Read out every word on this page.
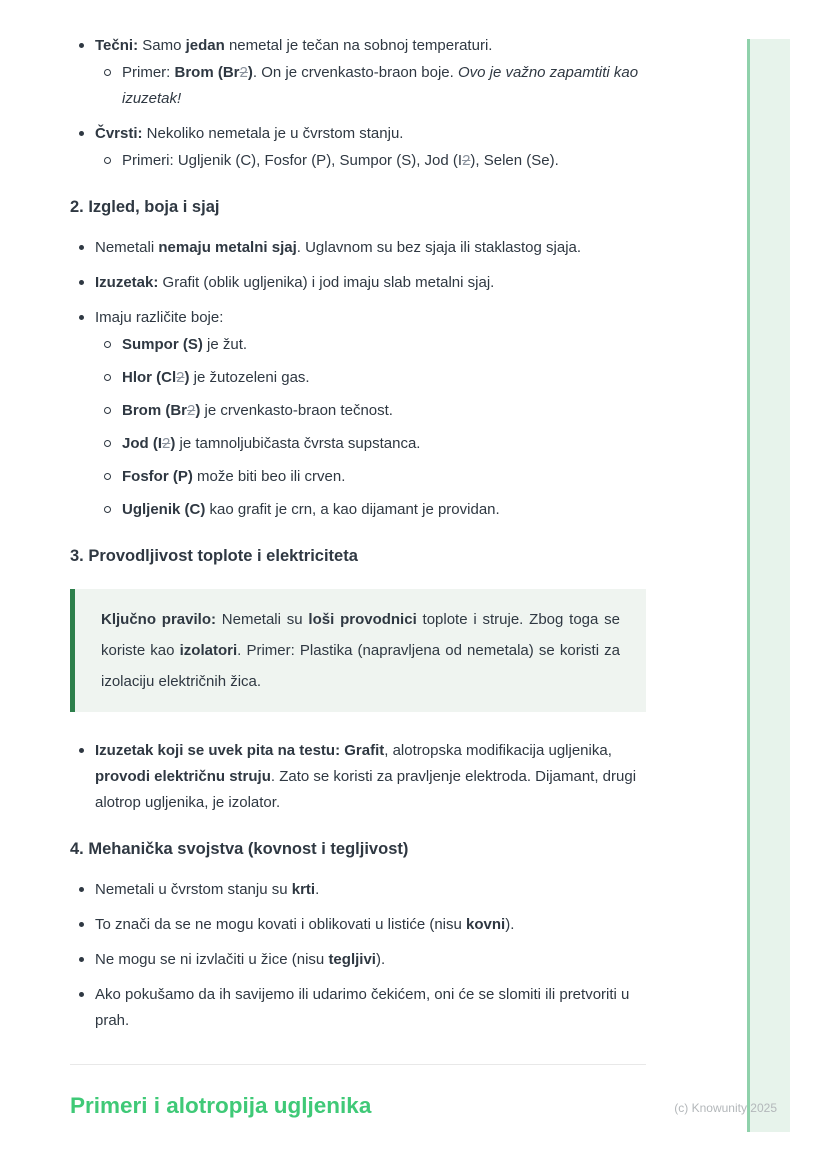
Tečni: Samo jedan nemetal je tečan na sobnoj temperaturi.
Primer: Brom (Br2). On je crvenkasto-braon boje. Ovo je važno zapamtiti kao izuzetak!
Čvrsti: Nekoliko nemetala je u čvrstom stanju.
Primeri: Ugljenik (C), Fosfor (P), Sumpor (S), Jod (I2), Selen (Se).
2. Izgled, boja i sjaj
Nemetali nemaju metalni sjaj. Uglavnom su bez sjaja ili staklastog sjaja.
Izuzetak: Grafit (oblik ugljenika) i jod imaju slab metalni sjaj.
Imaju različite boje:
Sumpor (S) je žut.
Hlor (Cl2) je žutozeleni gas.
Brom (Br2) je crvenkasto-braon tečnost.
Jod (I2) je tamnoljubičasta čvrsta supstanca.
Fosfor (P) može biti beo ili crven.
Ugljenik (C) kao grafit je crn, a kao dijamant je providan.
3. Provodljivost toplote i elektriciteta
Ključno pravilo: Nemetali su loši provodnici toplote i struje. Zbog toga se koriste kao izolatori. Primer: Plastika (napravljena od nemetala) se koristi za izolaciju električnih žica.
Izuzetak koji se uvek pita na testu: Grafit, alotropska modifikacija ugljenika, provodi električnu struju. Zato se koristi za pravljenje elektroda. Dijamant, drugi alotrop ugljenika, je izolator.
4. Mehanička svojstva (kovnost i tegljivost)
Nemetali u čvrstom stanju su krti.
To znači da se ne mogu kovati i oblikovati u listiće (nisu kovni).
Ne mogu se ni izvlačiti u žice (nisu tegljivi).
Ako pokušamo da ih savijemo ili udarimo čekićem, oni će se slomiti ili pretvoriti u prah.
Primeri i alotropija ugljenika	(c) Knowunity 2025
